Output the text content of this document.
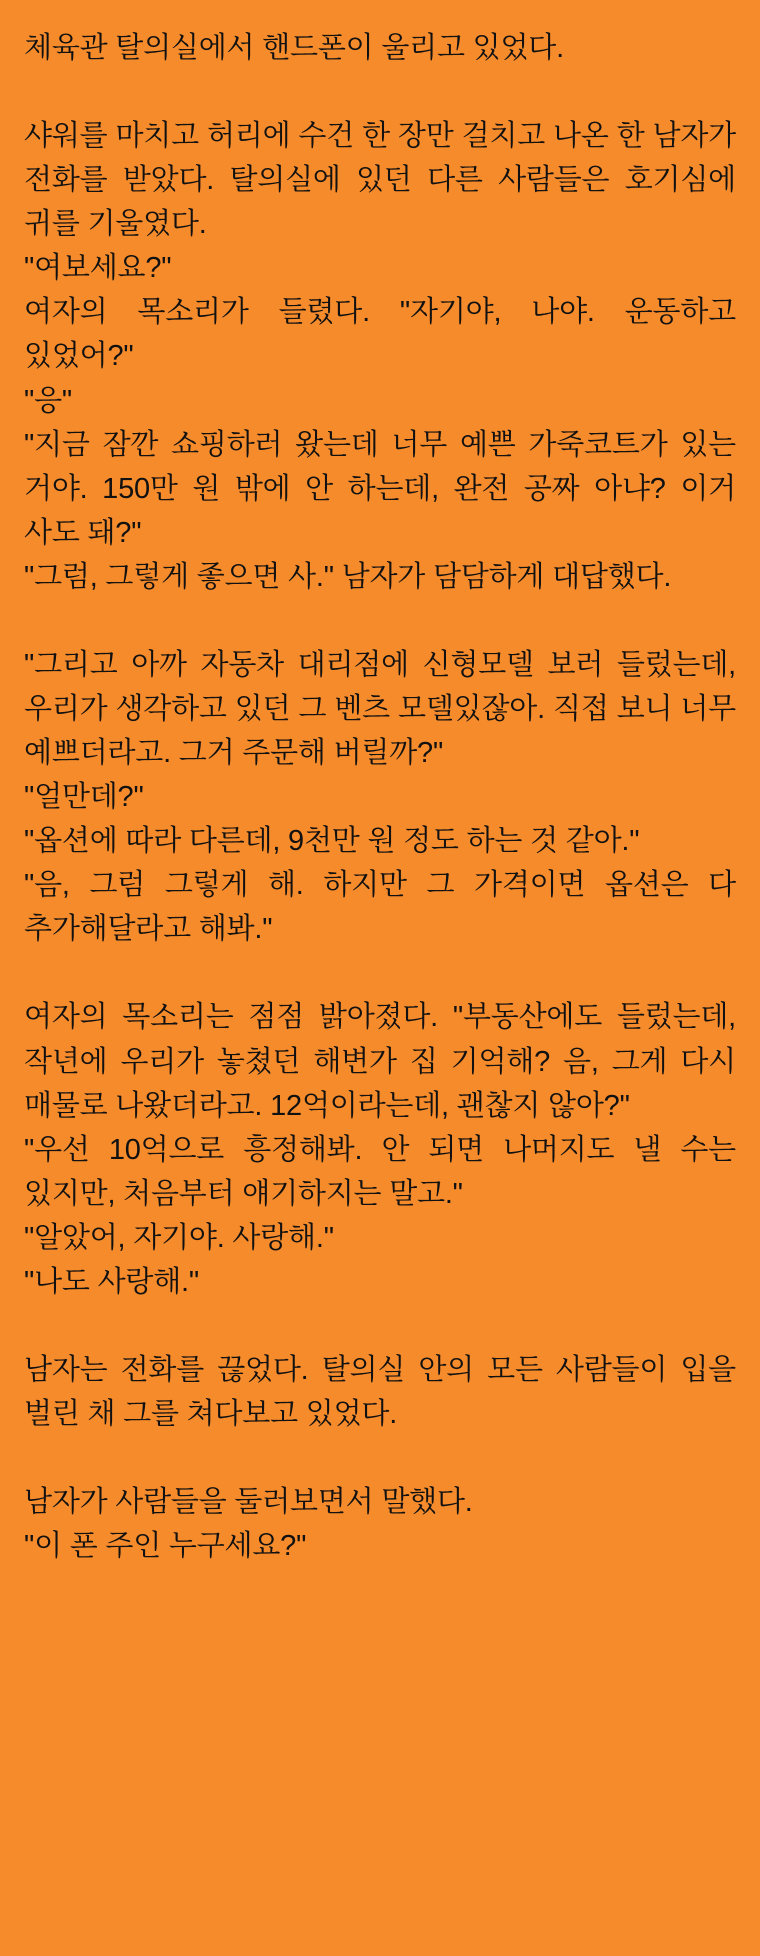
체육관 탈의실에서 핸드폰이 울리고 있었다.

샤워를 마치고 허리에 수건 한 장만 걸치고 나온 한 남자가 전화를 받았다. 탈의실에 있던 다른 사람들은 호기심에 귀를 기울였다.

"여보세요?"

여자의 목소리가 들렸다. "자기야, 나야. 운동하고 있었어?"

"응"

"지금 잠깐 쇼핑하러 왔는데 너무 예쁜 가죽코트가 있는 거야. 150만 원 밖에 안 하는데, 완전 공짜 아냐? 이거 사도 돼?"

"그럼, 그렇게 좋으면 사." 남자가 담담하게 대답했다.

"그리고 아까 자동차 대리점에 신형모델 보러 들렀는데, 우리가 생각하고 있던 그 벤츠 모델있잖아. 직접 보니 너무 예쁘더라고. 그거 주문해 버릴까?"

"얼만데?"

"옵션에 따라 다른데, 9천만 원 정도 하는 것 같아."

"음, 그럼 그렇게 해. 하지만 그 가격이면 옵션은 다 추가해달라고 해봐."

여자의 목소리는 점점 밝아졌다. "부동산에도 들렀는데, 작년에 우리가 놓쳤던 해변가 집 기억해? 음, 그게 다시 매물로 나왔더라고. 12억이라는데, 괜찮지 않아?"

"우선 10억으로 흥정해봐. 안 되면 나머지도 낼 수는 있지만, 처음부터 얘기하지는 말고."

"알았어, 자기야. 사랑해."

"나도 사랑해."

남자는 전화를 끊었다. 탈의실 안의 모든 사람들이 입을 벌린 채 그를 쳐다보고 있었다.

남자가 사람들을 둘러보면서 말했다.

"이 폰 주인 누구세요?"
